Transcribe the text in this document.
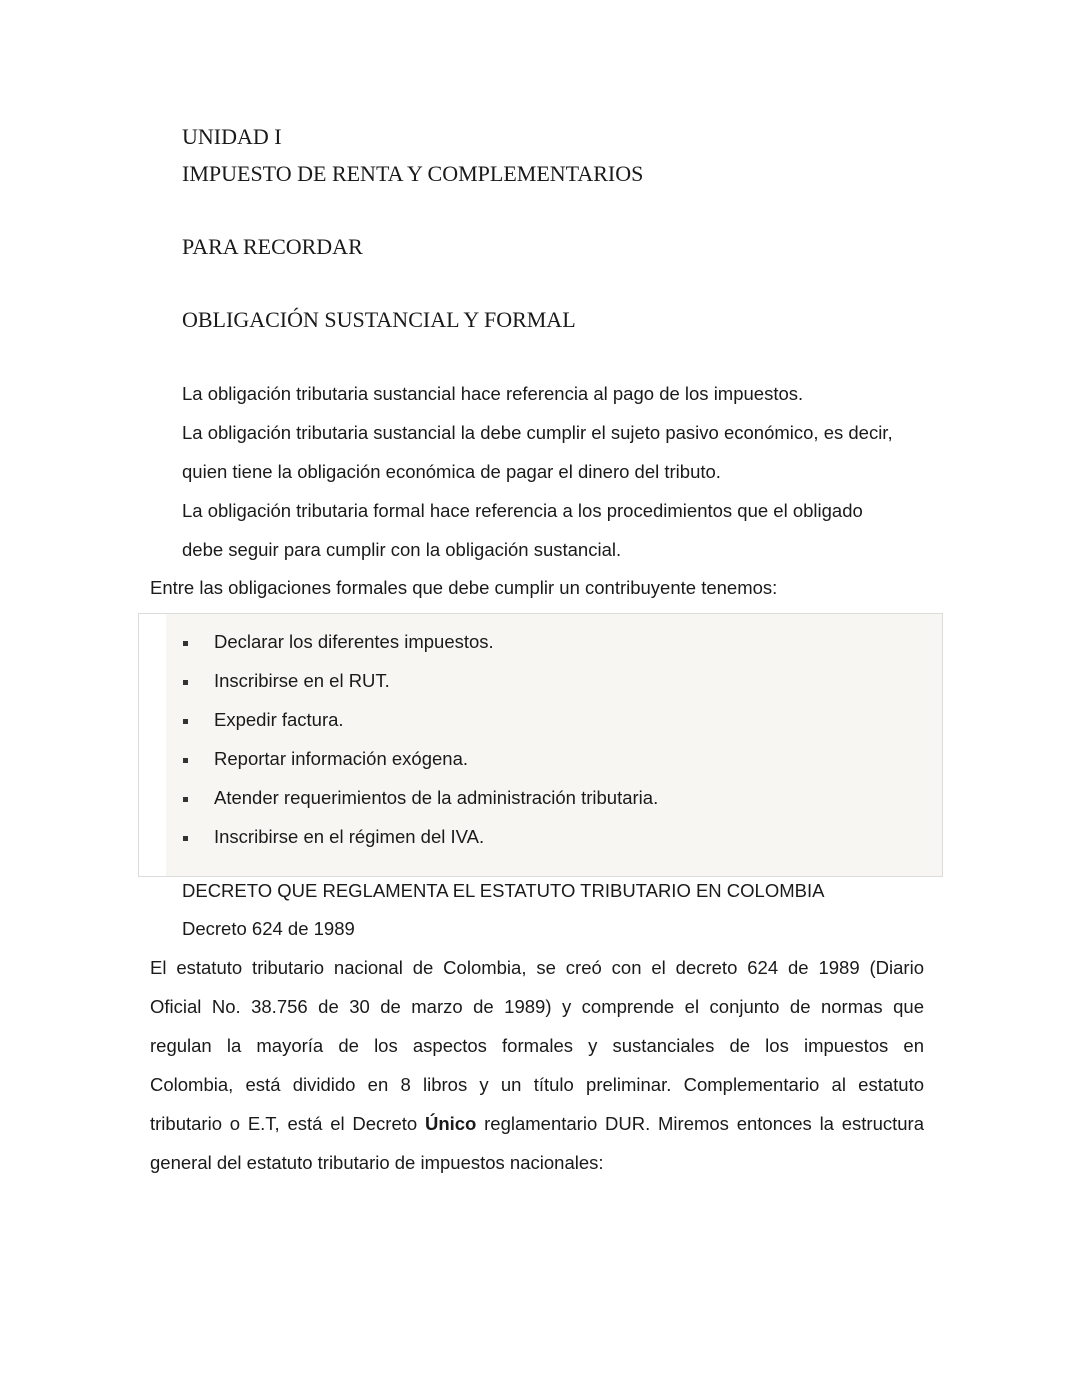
UNIDAD I
IMPUESTO DE RENTA Y COMPLEMENTARIOS
PARA RECORDAR
OBLIGACIÓN SUSTANCIAL Y FORMAL
La obligación tributaria sustancial hace referencia al pago de los impuestos.
La obligación tributaria sustancial la debe cumplir el sujeto pasivo económico, es decir,
quien tiene la obligación económica de pagar el dinero del tributo.
La obligación tributaria formal hace referencia a los procedimientos que el obligado
debe seguir para cumplir con la obligación sustancial.
Entre las obligaciones formales que debe cumplir un contribuyente tenemos:
Declarar los diferentes impuestos.
Inscribirse en el RUT.
Expedir factura.
Reportar información exógena.
Atender requerimientos de la administración tributaria.
Inscribirse en el régimen del IVA.
DECRETO QUE REGLAMENTA EL ESTATUTO TRIBUTARIO EN COLOMBIA
Decreto 624 de 1989
El estatuto tributario nacional de Colombia, se creó con el decreto 624 de 1989 (Diario
Oficial No. 38.756 de 30 de marzo de 1989) y comprende el conjunto de normas que
regulan la mayoría de los aspectos formales y sustanciales de los impuestos en
Colombia, está dividido en 8 libros y un título preliminar. Complementario al estatuto
tributario o E.T, está el Decreto Único reglamentario DUR. Miremos entonces la estructura
general del estatuto tributario de impuestos nacionales:
